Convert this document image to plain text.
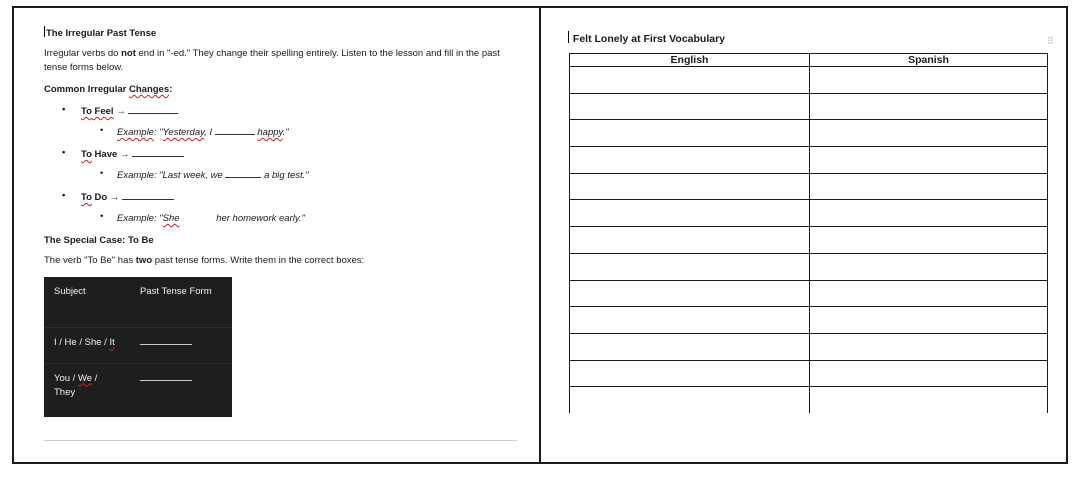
The Irregular Past Tense
Irregular verbs do not end in "-ed." They change their spelling entirely. Listen to the lesson and fill in the past tense forms below.
Common Irregular Changes:
• To Feel →
• Example: "Yesterday, I	happy."
• To Have →
• Example: "Last week, we	a big test."
• To Do →
• Example: "She	her homework early."
The Special Case: To Be
The verb "To Be" has two past tense forms. Write them in the correct boxes:
Subject	Past Tense Form
I / He / She / It	
You / We / They	
Felt Lonely at First Vocabulary	⠿
English	Spanish
